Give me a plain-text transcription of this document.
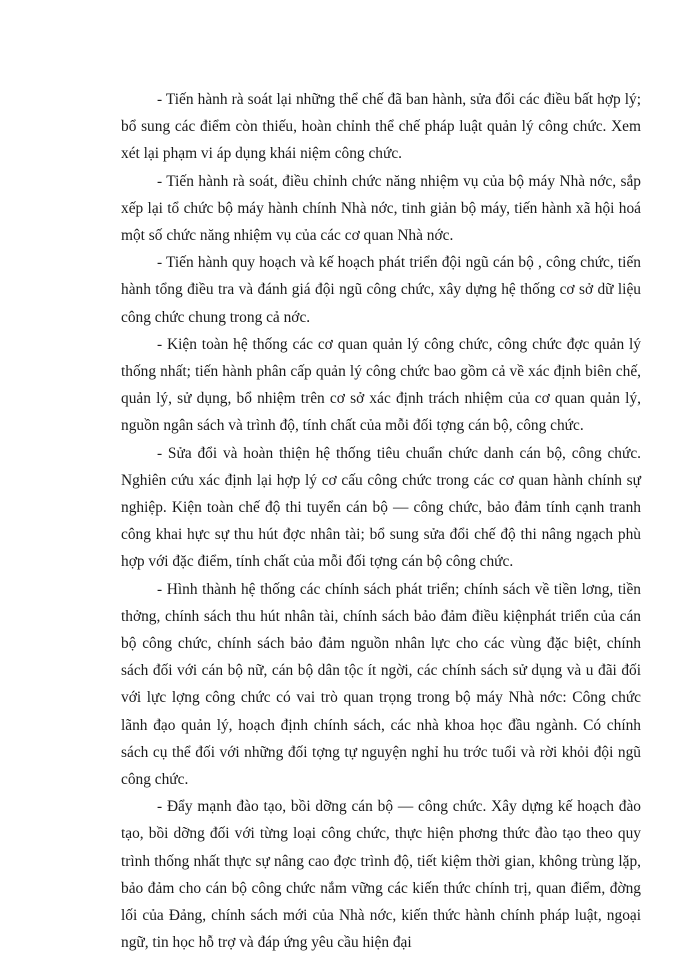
- Tiến hành rà soát lại những thể chế đã ban hành, sửa đổi các điều bất hợp lý; bổ sung các điểm còn thiếu, hoàn chỉnh thể chế pháp luật quản lý công chức. Xem xét lại phạm vi áp dụng khái niệm công chức.

- Tiến hành rà soát, điều chỉnh chức năng nhiệm vụ của bộ máy Nhà nớc, sắp xếp lại tổ chức bộ máy hành chính Nhà nớc, tinh giản bộ máy, tiến hành xã hội hoá một số chức năng nhiệm vụ của các cơ quan Nhà nớc.

- Tiến hành quy hoạch và kế hoạch phát triển đội ngũ cán bộ , công chức, tiến hành tổng điều tra và đánh giá đội ngũ công chức, xây dựng hệ thống cơ sở dữ liệu công chức chung trong cả nớc.

- Kiện toàn hệ thống các cơ quan quản lý công chức, công chức đợc quản lý thống nhất; tiến hành phân cấp quản lý công chức bao gồm cả về xác định biên chế, quản lý, sử dụng, bổ nhiệm trên cơ sở xác định trách nhiệm của cơ quan quản lý, nguồn ngân sách và trình độ, tính chất của mỗi đối tợng cán bộ, công chức.

- Sửa đổi và hoàn thiện hệ thống tiêu chuẩn chức danh cán bộ, công chức. Nghiên cứu xác định lại hợp lý cơ cấu công chức trong các cơ quan hành chính sự nghiệp. Kiện toàn chế độ thi tuyển cán bộ — công chức, bảo đảm tính cạnh tranh công khai hực sự thu hút đợc nhân tài; bổ sung sửa đổi chế độ thi nâng ngạch phù hợp với đặc điểm, tính chất của mỗi đối tợng cán bộ công chức.

- Hình thành hệ thống các chính sách phát triển; chính sách về tiền lơng, tiền thởng, chính sách thu hút nhân tài, chính sách bảo đảm điều kiệnphát triển của cán bộ công chức, chính sách bảo đảm nguồn nhân lực cho các vùng đặc biệt, chính sách đối với cán bộ nữ, cán bộ dân tộc ít ngời, các chính sách sử dụng và u đãi đối với lực lợng công chức có vai trò quan trọng trong bộ máy Nhà nớc: Công chức lãnh đạo quản lý, hoạch định chính sách, các nhà khoa học đầu ngành. Có chính sách cụ thể đối với những đối tợng tự nguyện nghỉ hu trớc tuổi và rời khỏi đội ngũ công chức.

- Đẩy mạnh đào tạo, bồi dỡng cán bộ — công chức. Xây dựng kế hoạch đào tạo, bồi dỡng đối với từng loại công chức, thực hiện phơng thức đào tạo theo quy trình thống nhất thực sự nâng cao đợc trình độ, tiết kiệm thời gian, không trùng lặp, bảo đảm cho cán bộ công chức nắm vững các kiến thức chính trị, quan điểm, đờng lối của Đảng, chính sách mới của Nhà nớc, kiến thức hành chính pháp luật, ngoại ngữ, tin học hỗ trợ và đáp ứng yêu cầu hiện đại
